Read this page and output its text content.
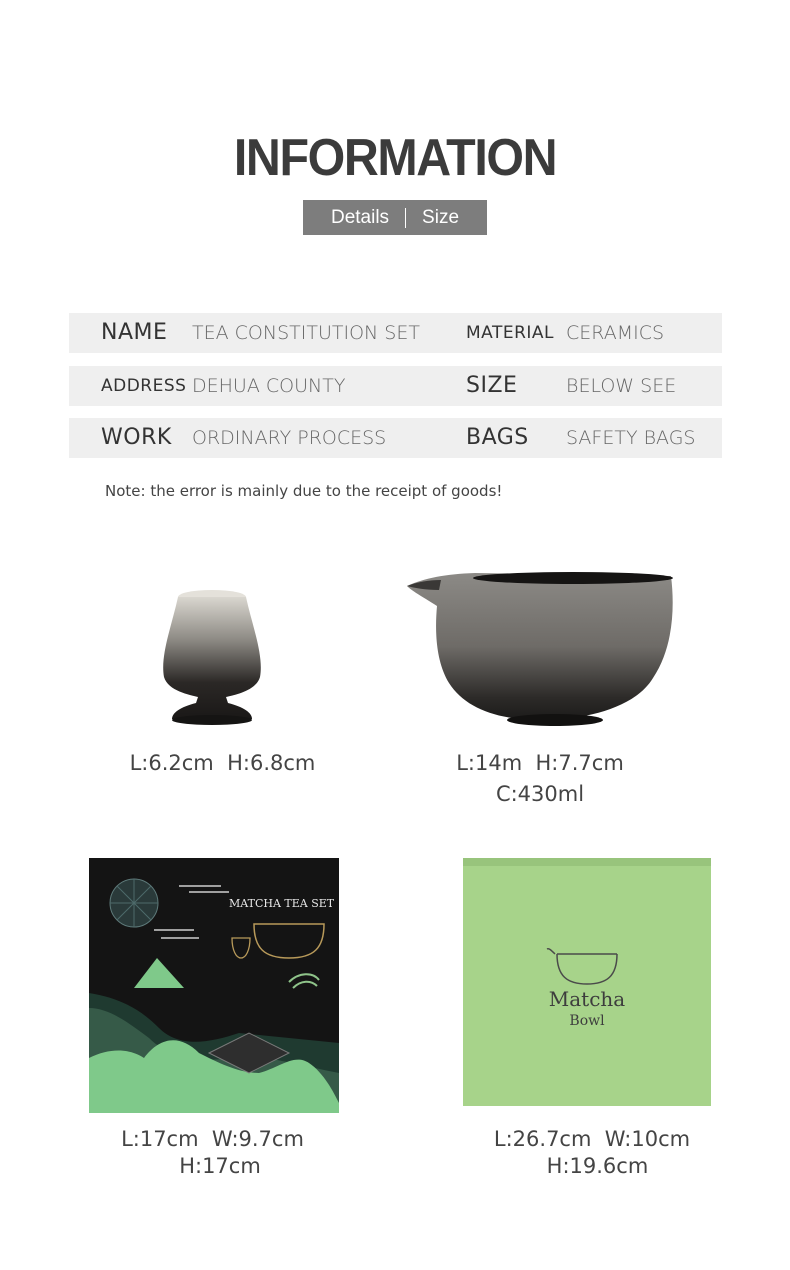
INFORMATION
Details Size
NAME TEA CONSTITUTION SET	MATERIAL CERAMICS
ADDRESS DEHUA COUNTY	SIZE	BELOW SEE
WORK ORDINARY PROCESS	BAGS SAFETY BAGS
Note: the error is mainly due to the receipt of goods!
L:6.2cm  H:6.8cm	L:14m  H:7.7cm
C:430ml
MATCHA TEA SET
Matcha
Bowl
L:17cm  W:9.7cm
H:17cm
L:26.7cm  W:10cm
H:19.6cm
